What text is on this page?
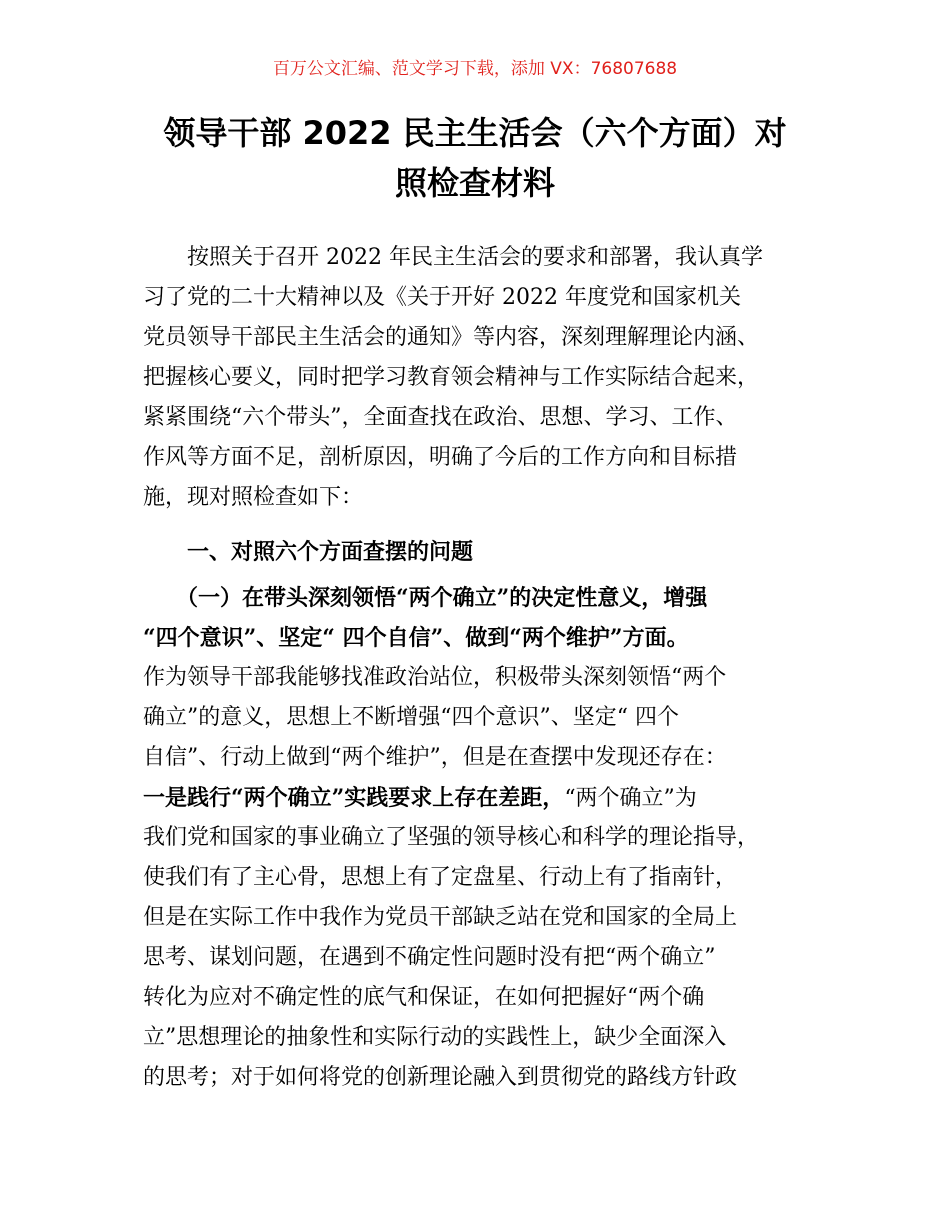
百万公文汇编、范文学习下载，添加 VX：76807688
领导干部 2022 民主生活会（六个方面）对
照检查材料
　　按照关于召开 2022 年民主生活会的要求和部署，我认真学
习了党的二十大精神以及《关于开好 2022 年度党和国家机关
党员领导干部民主生活会的通知》等内容，深刻理解理论内涵、
把握核心要义，同时把学习教育领会精神与工作实际结合起来，
紧紧围绕“六个带头”，全面查找在政治、思想、学习、工作、
作风等方面不足，剖析原因，明确了今后的工作方向和目标措
施，现对照检查如下：
　　一、对照六个方面查摆的问题
　　（一）在带头深刻领悟“两个确立”的决定性意义，增强
“四个意识”、坚定“ 四个自信”、做到“两个维护”方面。
作为领导干部我能够找准政治站位，积极带头深刻领悟“两个
确立”的意义，思想上不断增强“四个意识”、坚定“ 四个
自信”、行动上做到“两个维护”，但是在查摆中发现还存在：
一是践行“两个确立”实践要求上存在差距，“两个确立”为
我们党和国家的事业确立了坚强的领导核心和科学的理论指导，
使我们有了主心骨，思想上有了定盘星、行动上有了指南针，
但是在实际工作中我作为党员干部缺乏站在党和国家的全局上
思考、谋划问题，在遇到不确定性问题时没有把“两个确立”
转化为应对不确定性的底气和保证，在如何把握好“两个确
立”思想理论的抽象性和实际行动的实践性上，缺少全面深入
的思考；对于如何将党的创新理论融入到贯彻党的路线方针政
